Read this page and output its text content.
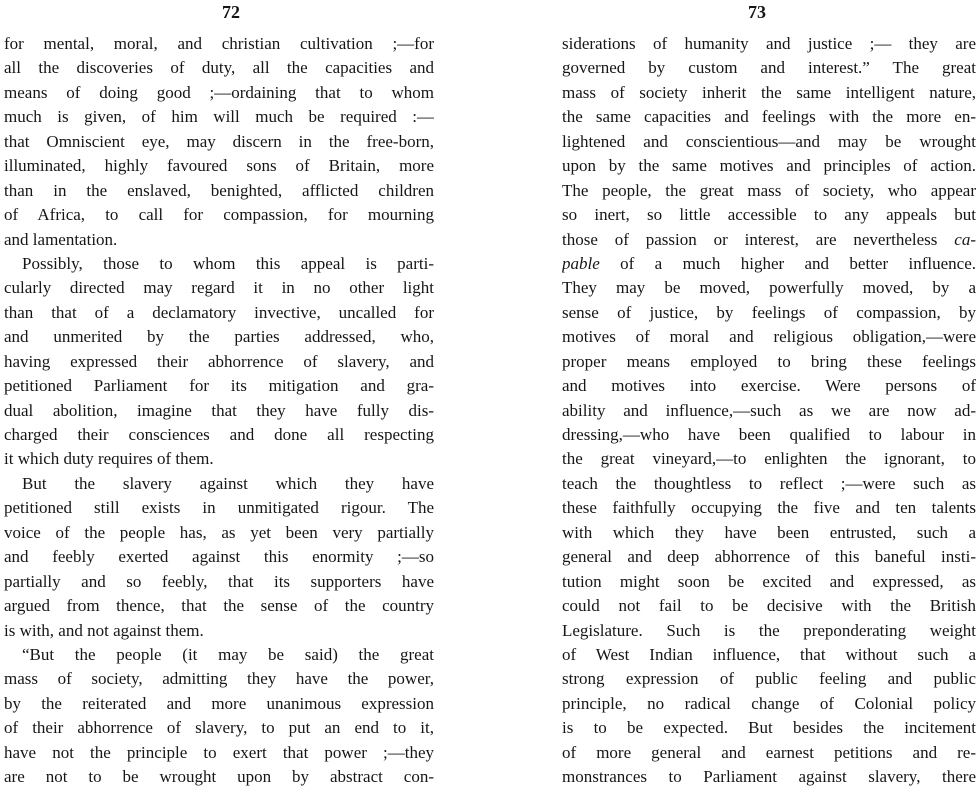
72
for mental, moral, and christian cultivation ;—for
all the discoveries of duty, all the capacities and
means of doing good ;—ordaining that to whom
much is given, of him will much be required :—
that Omniscient eye, may discern in the free-born,
illuminated, highly favoured sons of Britain, more
than in the enslaved, benighted, afflicted children
of Africa, to call for compassion, for mourning
and lamentation.
Possibly, those to whom this appeal is parti-
cularly directed may regard it in no other light
than that of a declamatory invective, uncalled for
and unmerited by the parties addressed, who,
having expressed their abhorrence of slavery, and
petitioned Parliament for its mitigation and gra-
dual abolition, imagine that they have fully dis-
charged their consciences and done all respecting
it which duty requires of them.
But the slavery against which they have
petitioned still exists in unmitigated rigour. The
voice of the people has, as yet been very partially
and feebly exerted against this enormity ;—so
partially and so feebly, that its supporters have
argued from thence, that the sense of the country
is with, and not against them.
“But the people (it may be said) the great
mass of society, admitting they have the power,
by the reiterated and more unanimous expression
of their abhorrence of slavery, to put an end to it,
have not the principle to exert that power ;—they
are not to be wrought upon by abstract con-
73
siderations of humanity and justice ;— they are
governed by custom and interest.” The great
mass of society inherit the same intelligent nature,
the same capacities and feelings with the more en-
lightened and conscientious—and may be wrought
upon by the same motives and principles of action.
The people, the great mass of society, who appear
so inert, so little accessible to any appeals but
those of passion or interest, are nevertheless ca-
pable of a much higher and better influence.
They may be moved, powerfully moved, by a
sense of justice, by feelings of compassion, by
motives of moral and religious obligation,—were
proper means employed to bring these feelings
and motives into exercise. Were persons of
ability and influence,—such as we are now ad-
dressing,—who have been qualified to labour in
the great vineyard,—to enlighten the ignorant, to
teach the thoughtless to reflect ;—were such as
these faithfully occupying the five and ten talents
with which they have been entrusted, such a
general and deep abhorrence of this baneful insti-
tution might soon be excited and expressed, as
could not fail to be decisive with the British
Legislature. Such is the preponderating weight
of West Indian influence, that without such a
strong expression of public feeling and public
principle, no radical change of Colonial policy
is to be expected. But besides the incitement
of more general and earnest petitions and re-
monstrances to Parliament against slavery, there
